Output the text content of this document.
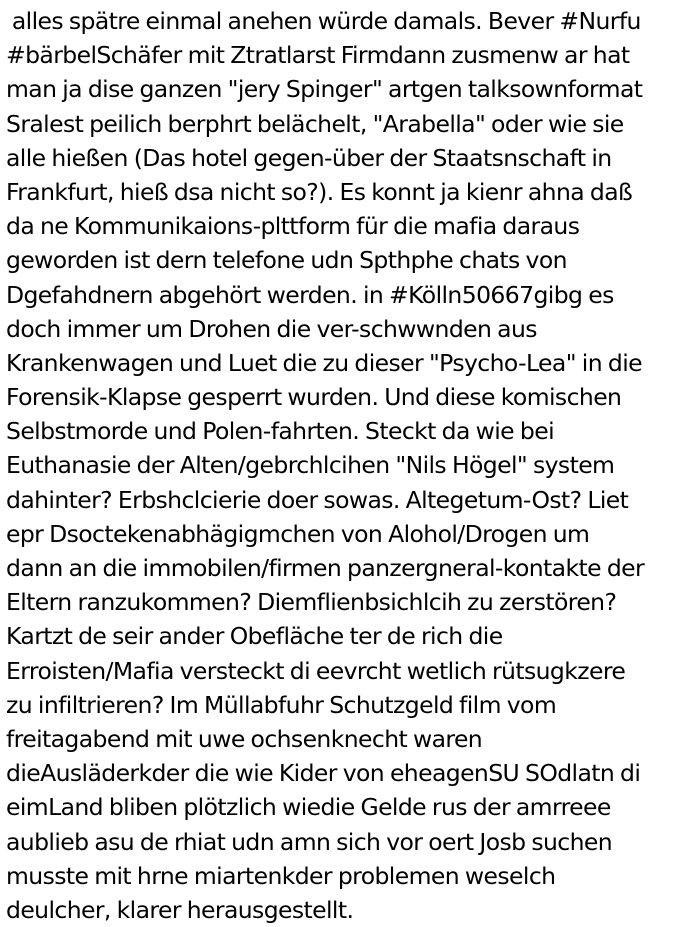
alles spätre einmal anehen würde damals. Bever #Nurfu
#bärbelSchäfer mit Ztratlarst Firmdann zusmenw ar hat
man ja dise ganzen "jery Spinger" artgen talksownformat
Sralest peilich berphrt belächelt, "Arabella" oder wie sie
alle hießen (Das hotel gegen-über der Staatsnschaft in
Frankfurt, hieß dsa nicht so?). Es konnt ja kienr ahna daß
da ne Kommunikaions-plttform für die mafia daraus
geworden ist dern telefone udn Spthphe chats von
Dgefahdnern abgehört werden. in #Kölln50667gibg es
doch immer um Drohen die ver-schwwnden aus
Krankenwagen und Luet die zu dieser "Psycho-Lea" in die
Forensik-Klapse gesperrt wurden. Und diese komischen
Selbstmorde und Polen-fahrten. Steckt da wie bei
Euthanasie der Alten/gebrchlcihen "Nils Högel" system
dahinter? Erbshclcierie doer sowas. Altegetum-Ost? Liet
epr Dsoctekenabhägigmchen von Alohol/Drogen um
dann an die immobilen/firmen panzergneral-kontakte der
Eltern ranzukommen? Diemflienbsichlcih zu zerstören?
Kartzt de seir ander Obefläche ter de rich die
Erroisten/Mafia versteckt di eevrcht wetlich rütsugkzere
zu infiltrieren? Im Müllabfuhr Schutzgeld film vom
freitagabend mit uwe ochsenknecht waren
dieAusläderkder die wie Kider von eheagenSU SOdlatn di
eimLand bliben plötzlich wiedie Gelde rus der amrreee
aublieb asu de rhiat udn amn sich vor oert Josb suchen
musste mit hrne miartenkder problemen weselch
deulcher, klarer herausgestellt.
